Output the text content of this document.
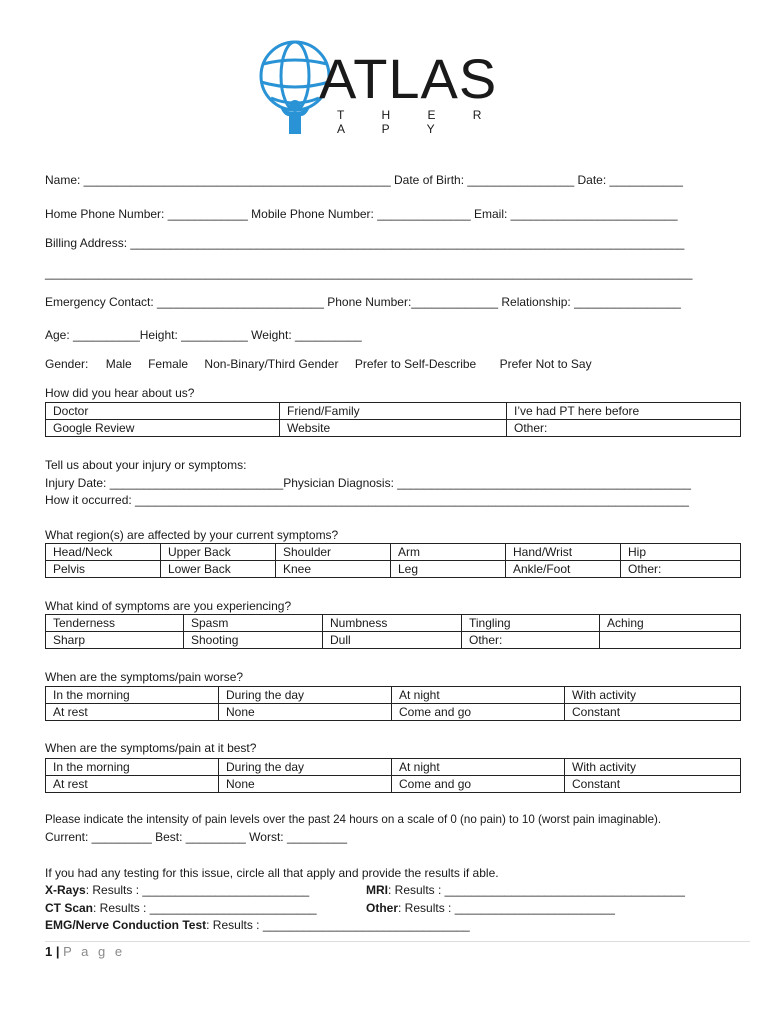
ATLAS
T H E R A P Y
Name: ______________________________________________ Date of Birth: ________________ Date: ___________
Home Phone Number: ____________ Mobile Phone Number: ______________ Email: _________________________
Billing Address: ___________________________________________________________________________________
_________________________________________________________________________________________________
Emergency Contact: _________________________ Phone Number:_____________ Relationship: ________________
Age: __________Height: __________ Weight: __________
Gender: Male Female Non-Binary/Third Gender Prefer to Self-Describe Prefer Not to Say
How did you hear about us?
Doctor	Friend/Family	I’ve had PT here before
Google Review	Website	Other:
Tell us about your injury or symptoms:
Injury Date: __________________________Physician Diagnosis: ____________________________________________
How it occurred: ___________________________________________________________________________________
What region(s) are affected by your current symptoms?
Head/Neck	Upper Back	Shoulder	Arm	Hand/Wrist	Hip
Pelvis	Lower Back	Knee	Leg	Ankle/Foot	Other:
What kind of symptoms are you experiencing?
Tenderness	Spasm	Numbness	Tingling	Aching
Sharp	Shooting	Dull	Other:	
When are the symptoms/pain worse?
In the morning	During the day	At night	With activity
At rest	None	Come and go	Constant
When are the symptoms/pain at it best?
In the morning	During the day	At night	With activity
At rest	None	Come and go	Constant
Please indicate the intensity of pain levels over the past 24 hours on a scale of 0 (no pain) to 10 (worst pain imaginable).
Current: _________ Best: _________ Worst: _________
If you had any testing for this issue, circle all that apply and provide the results if able.
X-Rays: Results : _________________________	MRI: Results : ____________________________________
CT Scan: Results : _________________________	Other: Results : ________________________
EMG/Nerve Conduction Test: Results : _______________________________
1 | P a g e
